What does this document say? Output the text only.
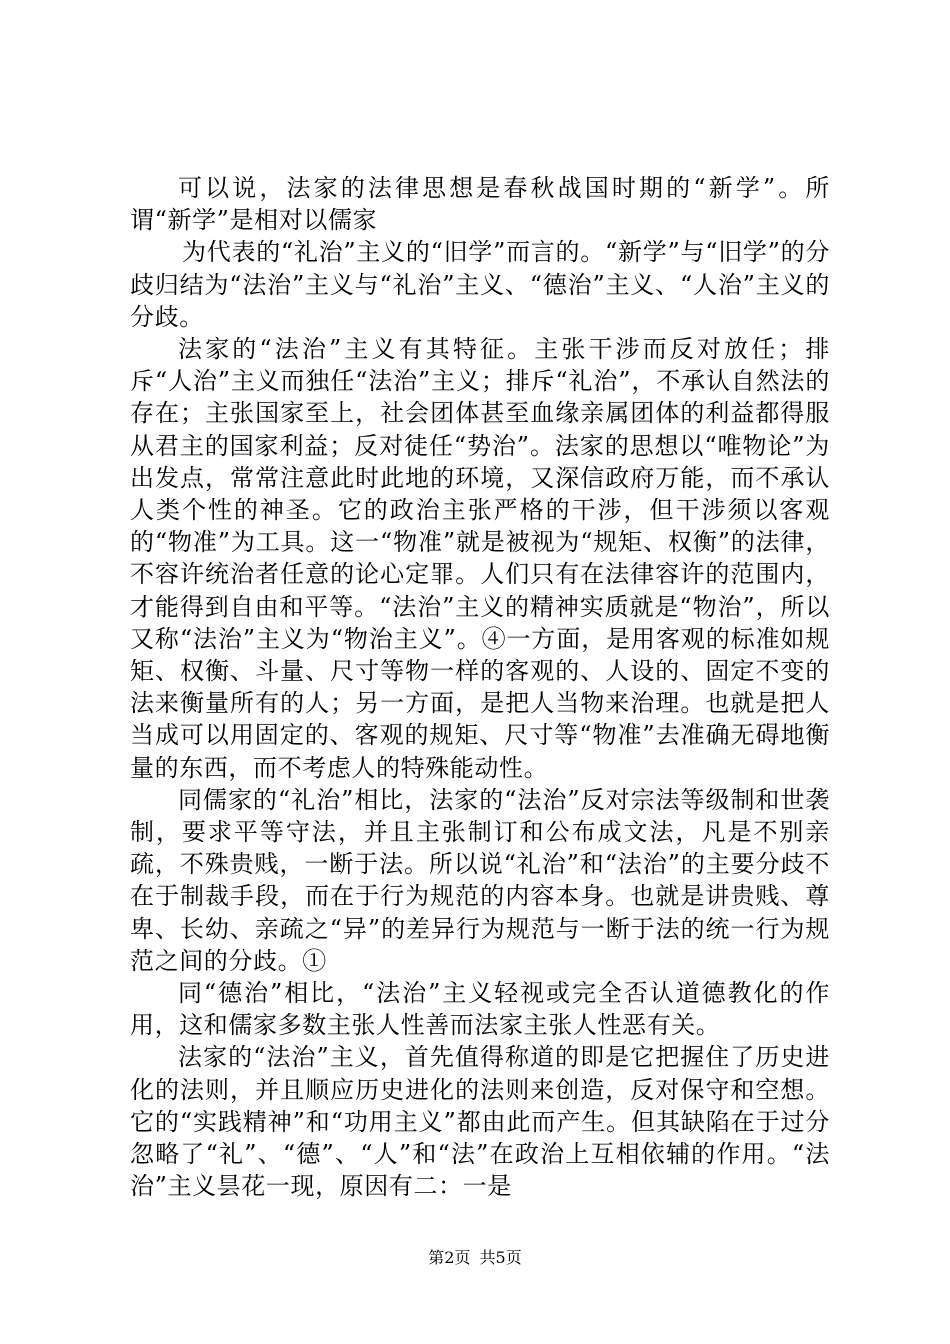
可以说，法家的法律思想是春秋战国时期的“新学”。所谓“新学”是相对以儒家

为代表的“礼治”主义的“旧学”而言的。“新学”与“旧学”的分歧归结为“法治”主义与“礼治”主义、“德治”主义、“人治”主义的分歧。

法家的“法治”主义有其特征。主张干涉而反对放任；排斥“人治”主义而独任“法治”主义；排斥“礼治”，不承认自然法的存在；主张国家至上，社会团体甚至血缘亲属团体的利益都得服从君主的国家利益；反对徒任“势治”。法家的思想以“唯物论”为出发点，常常注意此时此地的环境，又深信政府万能，而不承认人类个性的神圣。它的政治主张严格的干涉，但干涉须以客观的“物准”为工具。这一“物准”就是被视为“规矩、权衡”的法律，不容许统治者任意的论心定罪。人们只有在法律容许的范围内，才能得到自由和平等。“法治”主义的精神实质就是“物治”，所以又称“法治”主义为“物治主义”。④一方面，是用客观的标准如规矩、权衡、斗量、尺寸等物一样的客观的、人设的、固定不变的法来衡量所有的人；另一方面，是把人当物来治理。也就是把人当成可以用固定的、客观的规矩、尺寸等“物准”去准确无碍地衡量的东西，而不考虑人的特殊能动性。

同儒家的“礼治”相比，法家的“法治”反对宗法等级制和世袭制，要求平等守法，并且主张制订和公布成文法，凡是不别亲疏，不殊贵贱，一断于法。所以说“礼治”和“法治”的主要分歧不在于制裁手段，而在于行为规范的内容本身。也就是讲贵贱、尊卑、长幼、亲疏之“异”的差异行为规范与一断于法的统一行为规范之间的分歧。①

同“德治”相比，“法治”主义轻视或完全否认道德教化的作用，这和儒家多数主张人性善而法家主张人性恶有关。

法家的“法治”主义，首先值得称道的即是它把握住了历史进化的法则，并且顺应历史进化的法则来创造，反对保守和空想。它的“实践精神”和“功用主义”都由此而产生。但其缺陷在于过分忽略了“礼”、“德”、“人”和“法”在政治上互相依辅的作用。“法治”主义昙花一现，原因有二：一是

第2页 共5页
